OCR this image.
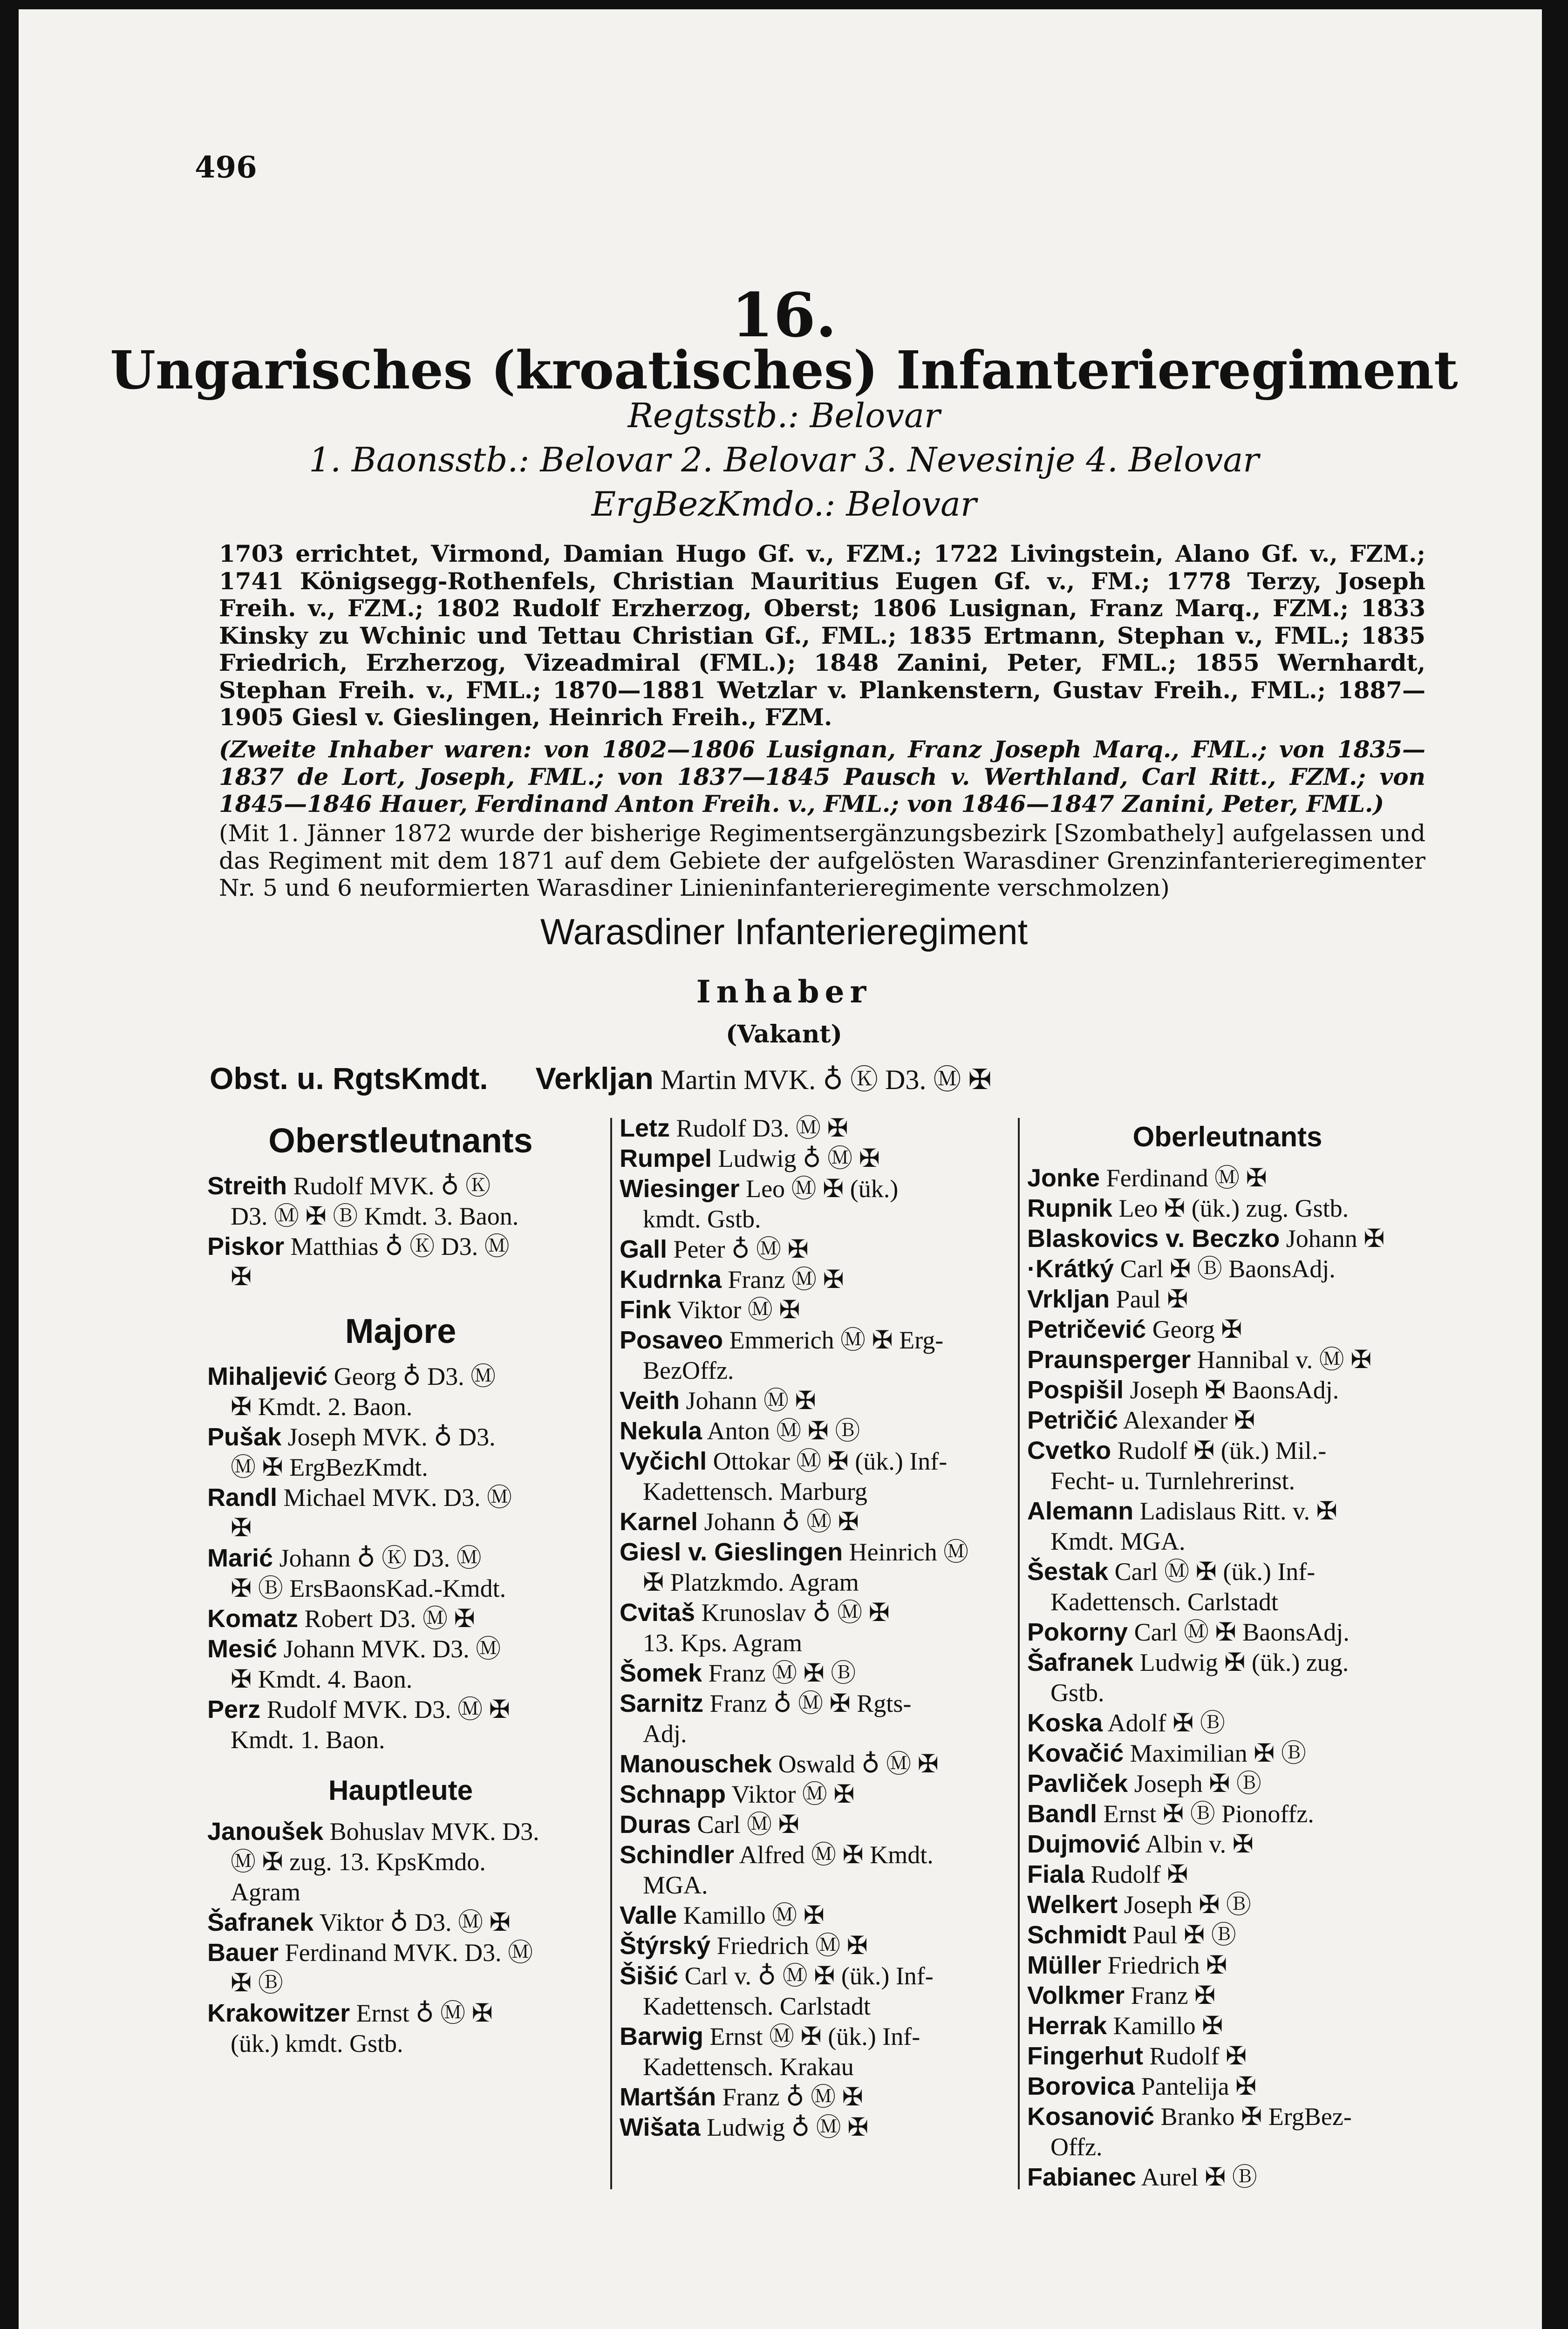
496
16.
Ungarisches (kroatisches) Infanterieregiment
Regtsstb.: Belovar
1. Baonsstb.: Belovar 2. Belovar 3. Nevesinje 4. Belovar
ErgBezKmdo.: Belovar
1703 errichtet, Virmond, Damian Hugo Gf. v., FZM.; 1722 Livingstein, Alano Gf. v., FZM.; 1741 Königsegg-Rothenfels, Christian Mauritius Eugen Gf. v., FM.; 1778 Terzy, Joseph Freih. v., FZM.; 1802 Rudolf Erzherzog, Oberst; 1806 Lusignan, Franz Marq., FZM.; 1833 Kinsky zu Wchinic und Tettau Christian Gf., FML.; 1835 Ertmann, Stephan v., FML.; 1835 Friedrich, Erzherzog, Vizeadmiral (FML.); 1848 Zanini, Peter, FML.; 1855 Wernhardt, Stephan Freih. v., FML.; 1870—1881 Wetzlar v. Plankenstern, Gustav Freih., FML.; 1887—1905 Giesl v. Gieslingen, Heinrich Freih., FZM.
(Zweite Inhaber waren: von 1802—1806 Lusignan, Franz Joseph Marq., FML.; von 1835—1837 de Lort, Joseph, FML.; von 1837—1845 Pausch v. Werthland, Carl Ritt., FZM.; von 1845—1846 Hauer, Ferdinand Anton Freih. v., FML.; von 1846—1847 Zanini, Peter, FML.)
(Mit 1. Jänner 1872 wurde der bisherige Regimentsergänzungsbezirk [Szombathely] aufgelassen und das Regiment mit dem 1871 auf dem Gebiete der aufgelösten Warasdiner Grenzinfanterieregimenter Nr. 5 und 6 neuformierten Warasdiner Linieninfanterieregimente verschmolzen)
Warasdiner Infanterieregiment
Inhaber
(Vakant)
Obst. u. RgtsKmdt. Verkljan Martin MVK. ♁ Ⓚ D3. Ⓜ ✠
Oberstleutnants
Streith Rudolf MVK. ♁ Ⓚ
D3. Ⓜ ✠ Ⓑ Kmdt. 3. Baon.
Piskor Matthias ♁ Ⓚ D3. Ⓜ
✠
Majore
Mihaljević Georg ♁ D3. Ⓜ
✠ Kmdt. 2. Baon.
Pušak Joseph MVK. ♁ D3.
Ⓜ ✠ ErgBezKmdt.
Randl Michael MVK. D3. Ⓜ
✠
Marić Johann ♁ Ⓚ D3. Ⓜ
✠ Ⓑ ErsBaonsKad.-Kmdt.
Komatz Robert D3. Ⓜ ✠
Mesić Johann MVK. D3. Ⓜ
✠ Kmdt. 4. Baon.
Perz Rudolf MVK. D3. Ⓜ ✠
Kmdt. 1. Baon.
Hauptleute
Janoušek Bohuslav MVK. D3.
Ⓜ ✠ zug. 13. KpsKmdo.
Agram
Šafranek Viktor ♁ D3. Ⓜ ✠
Bauer Ferdinand MVK. D3. Ⓜ
✠ Ⓑ
Krakowitzer Ernst ♁ Ⓜ ✠
(ük.) kmdt. Gstb.
Letz Rudolf D3. Ⓜ ✠
Rumpel Ludwig ♁ Ⓜ ✠
Wiesinger Leo Ⓜ ✠ (ük.)
kmdt. Gstb.
Gall Peter ♁ Ⓜ ✠
Kudrnka Franz Ⓜ ✠
Fink Viktor Ⓜ ✠
Posaveo Emmerich Ⓜ ✠ Erg-
BezOffz.
Veith Johann Ⓜ ✠
Nekula Anton Ⓜ ✠ Ⓑ
Vyčichl Ottokar Ⓜ ✠ (ük.) Inf-
Kadettensch. Marburg
Karnel Johann ♁ Ⓜ ✠
Giesl v. Gieslingen Heinrich Ⓜ
✠ Platzkmdo. Agram
Cvitaš Krunoslav ♁ Ⓜ ✠
13. Kps. Agram
Šomek Franz Ⓜ ✠ Ⓑ
Sarnitz Franz ♁ Ⓜ ✠ Rgts-
Adj.
Manouschek Oswald ♁ Ⓜ ✠
Schnapp Viktor Ⓜ ✠
Duras Carl Ⓜ ✠
Schindler Alfred Ⓜ ✠ Kmdt.
MGA.
Valle Kamillo Ⓜ ✠
Štýrský Friedrich Ⓜ ✠
Šišić Carl v. ♁ Ⓜ ✠ (ük.) Inf-
Kadettensch. Carlstadt
Barwig Ernst Ⓜ ✠ (ük.) Inf-
Kadettensch. Krakau
Martšán Franz ♁ Ⓜ ✠
Wišata Ludwig ♁ Ⓜ ✠
Oberleutnants
Jonke Ferdinand Ⓜ ✠
Rupnik Leo ✠ (ük.) zug. Gstb.
Blaskovics v. Beczko Johann ✠
·Krátký Carl ✠ Ⓑ BaonsAdj.
Vrkljan Paul ✠
Petričević Georg ✠
Praunsperger Hannibal v. Ⓜ ✠
Pospišil Joseph ✠ BaonsAdj.
Petričić Alexander ✠
Cvetko Rudolf ✠ (ük.) Mil.-
Fecht- u. Turnlehrerinst.
Alemann Ladislaus Ritt. v. ✠
Kmdt. MGA.
Šestak Carl Ⓜ ✠ (ük.) Inf-
Kadettensch. Carlstadt
Pokorny Carl Ⓜ ✠ BaonsAdj.
Šafranek Ludwig ✠ (ük.) zug.
Gstb.
Koska Adolf ✠ Ⓑ
Kovačić Maximilian ✠ Ⓑ
Pavliček Joseph ✠ Ⓑ
Bandl Ernst ✠ Ⓑ Pionoffz.
Dujmović Albin v. ✠
Fiala Rudolf ✠
Welkert Joseph ✠ Ⓑ
Schmidt Paul ✠ Ⓑ
Müller Friedrich ✠
Volkmer Franz ✠
Herrak Kamillo ✠
Fingerhut Rudolf ✠
Borovica Pantelija ✠
Kosanović Branko ✠ ErgBez-
Offz.
Fabianec Aurel ✠ Ⓑ
